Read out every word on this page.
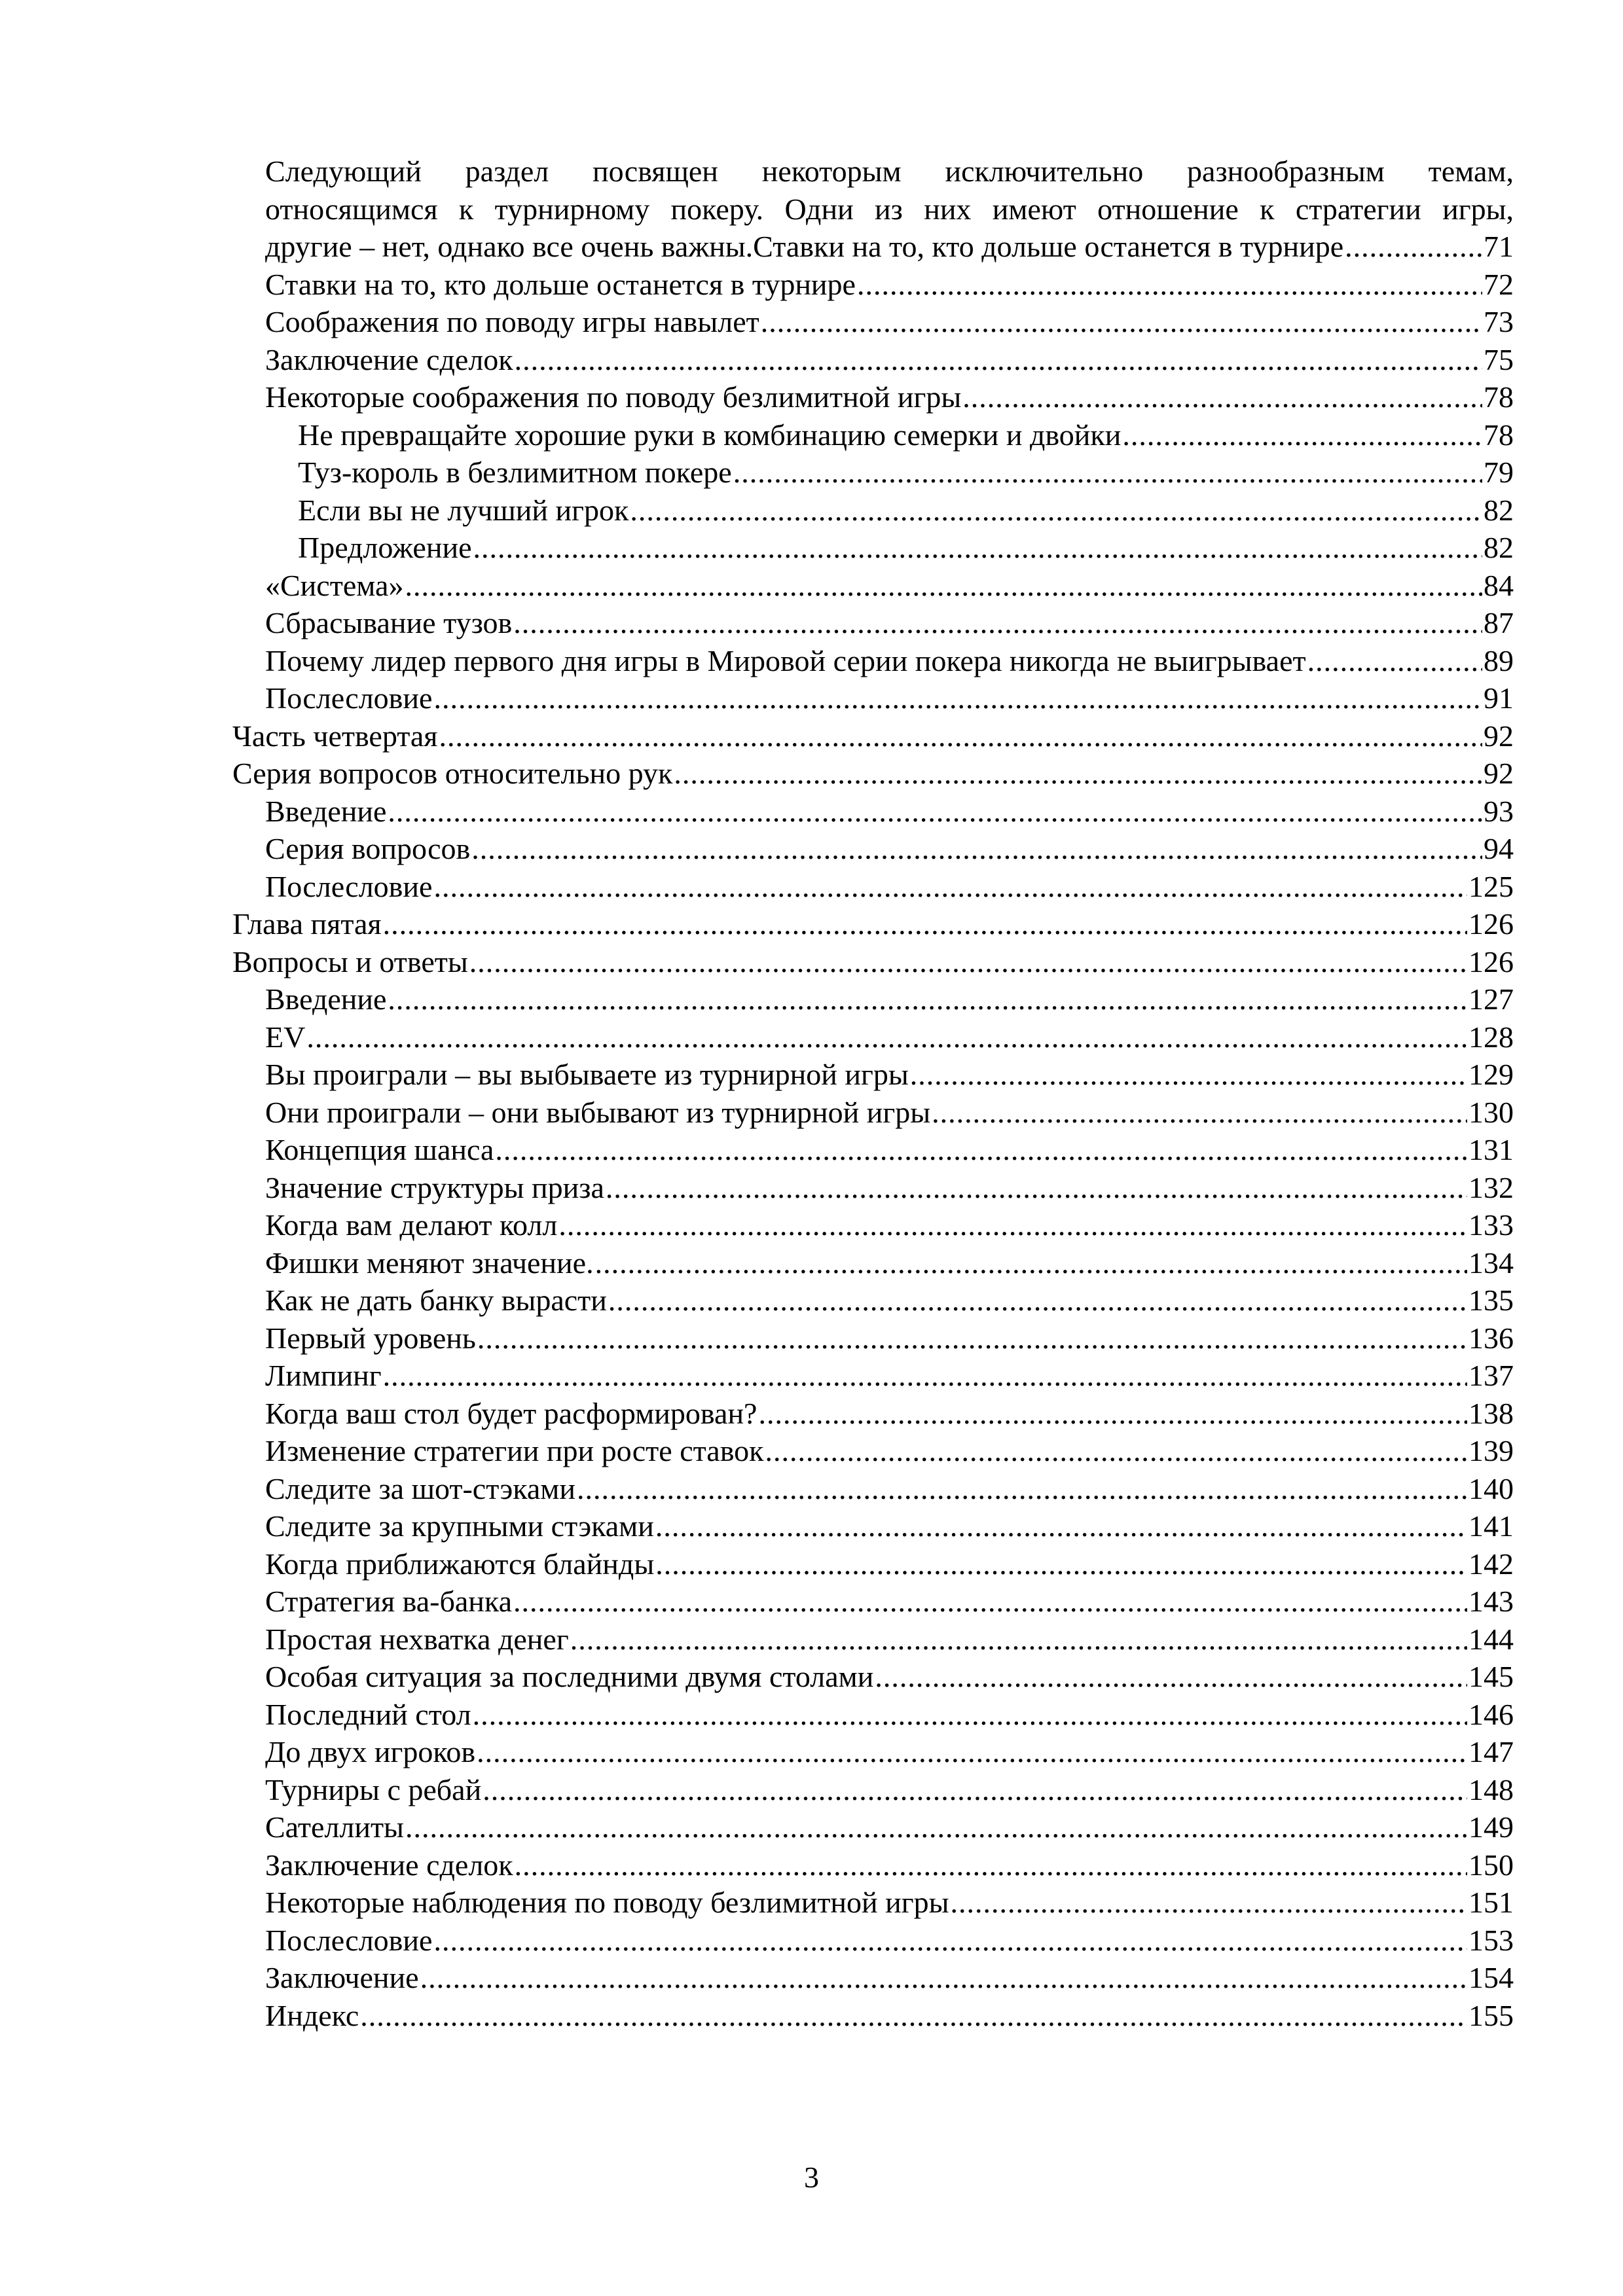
Следующий раздел посвящен некоторым исключительно разнообразным темам,
относящимся к турнирному покеру. Одни из них имеют отношение к стратегии игры,
другие – нет, однако все очень важны.Ставки на то, кто дольше останется в турнире .....	71
Ставки на то, кто дольше останется в турнире .....	72
Соображения по поводу игры навылет .....	73
Заключение сделок .....	75
Некоторые соображения по поводу безлимитной игры .....	78
Не превращайте хорошие руки в комбинацию семерки и двойки .....	78
Туз-король в безлимитном покере .....	79
Если вы не лучший игрок .....	82
Предложение .....	82
«Система» .....	84
Сбрасывание тузов .....	87
Почему лидер первого дня игры в Мировой серии покера никогда не выигрывает .....	89
Послесловие .....	91
Часть четвертая .....	92
Серия вопросов относительно рук .....	92
Введение .....	93
Серия вопросов .....	94
Послесловие .....	125
Глава пятая .....	126
Вопросы и ответы .....	126
Введение .....	127
EV .....	128
Вы проиграли – вы выбываете из турнирной игры .....	129
Они проиграли – они выбывают из турнирной игры .....	130
Концепция шанса .....	131
Значение структуры приза .....	132
Когда вам делают колл .....	133
Фишки меняют значение. .....	134
Как не дать банку вырасти .....	135
Первый уровень .....	136
Лимпинг .....	137
Когда ваш стол будет расформирован? .....	138
Изменение стратегии при росте ставок .....	139
Следите за шот-стэками .....	140
Следите за крупными стэками .....	141
Когда приближаются блайнды .....	142
Стратегия ва-банка .....	143
Простая нехватка денег .....	144
Особая ситуация за последними двумя столами .....	145
Последний стол .....	146
До двух игроков .....	147
Турниры с ребай .....	148
Сателлиты .....	149
Заключение сделок .....	150
Некоторые наблюдения по поводу безлимитной игры .....	151
Послесловие .....	153
Заключение .....	154
Индекс .....	155
3
